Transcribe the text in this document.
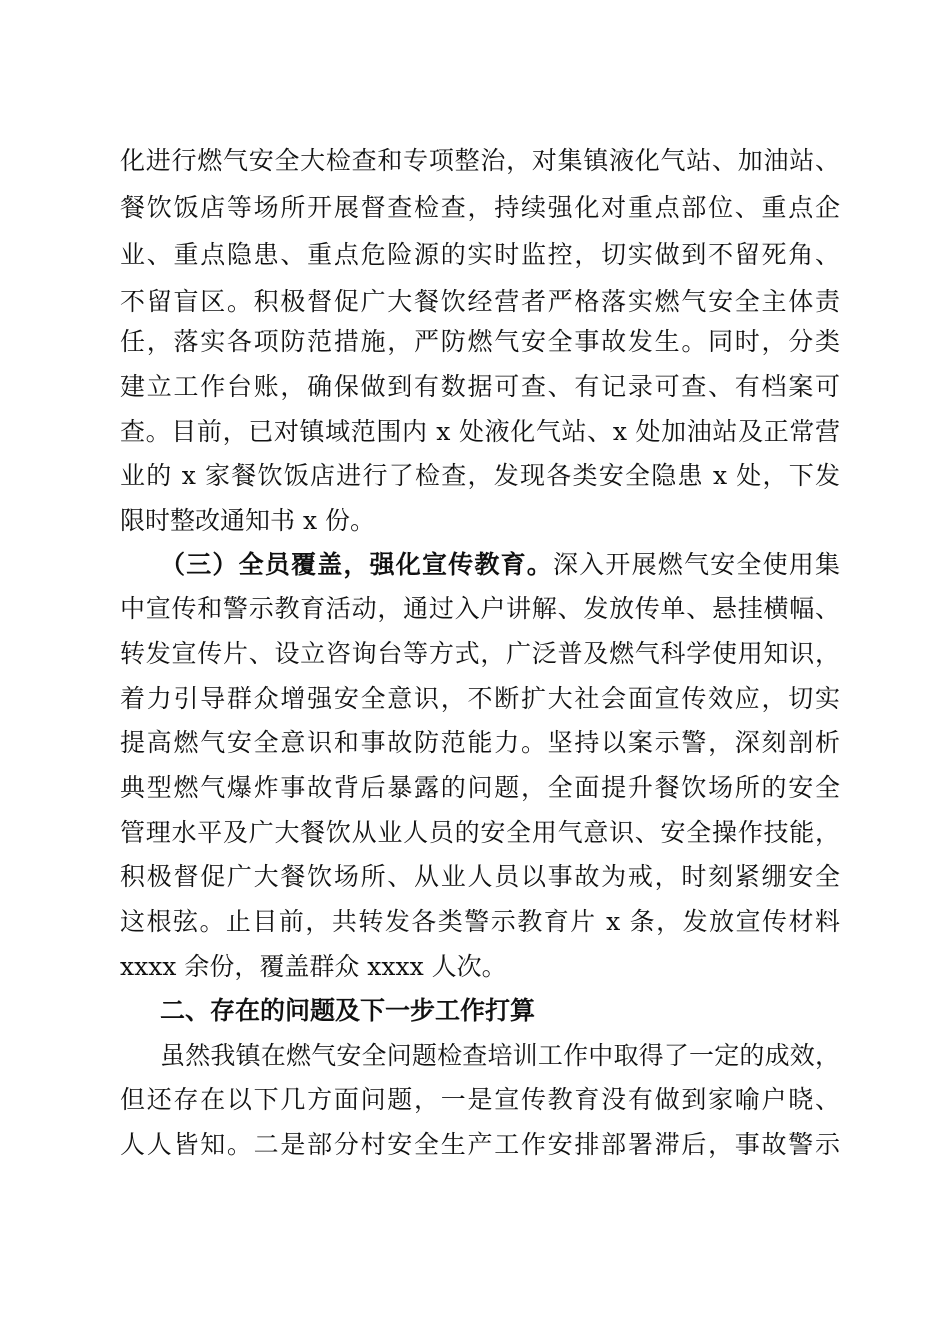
化进行燃气安全大检查和专项整治，对集镇液化气站、加油站、
餐饮饭店等场所开展督查检查，持续强化对重点部位、重点企
业、重点隐患、重点危险源的实时监控，切实做到不留死角、
不留盲区。积极督促广大餐饮经营者严格落实燃气安全主体责
任，落实各项防范措施，严防燃气安全事故发生。同时，分类
建立工作台账，确保做到有数据可查、有记录可查、有档案可
查。目前，已对镇域范围内 x 处液化气站、x 处加油站及正常营
业的 x 家餐饮饭店进行了检查，发现各类安全隐患 x 处，下发
限时整改通知书 x 份。
（三）全员覆盖，强化宣传教育。深入开展燃气安全使用集
中宣传和警示教育活动，通过入户讲解、发放传单、悬挂横幅、
转发宣传片、设立咨询台等方式，广泛普及燃气科学使用知识，
着力引导群众增强安全意识，不断扩大社会面宣传效应，切实
提高燃气安全意识和事故防范能力。坚持以案示警，深刻剖析
典型燃气爆炸事故背后暴露的问题，全面提升餐饮场所的安全
管理水平及广大餐饮从业人员的安全用气意识、安全操作技能，
积极督促广大餐饮场所、从业人员以事故为戒，时刻紧绷安全
这根弦。止目前，共转发各类警示教育片 x 条，发放宣传材料
xxxx 余份，覆盖群众 xxxx 人次。
二、存在的问题及下一步工作打算
虽然我镇在燃气安全问题检查培训工作中取得了一定的成效，
但还存在以下几方面问题，一是宣传教育没有做到家喻户晓、
人人皆知。二是部分村安全生产工作安排部署滞后，事故警示
